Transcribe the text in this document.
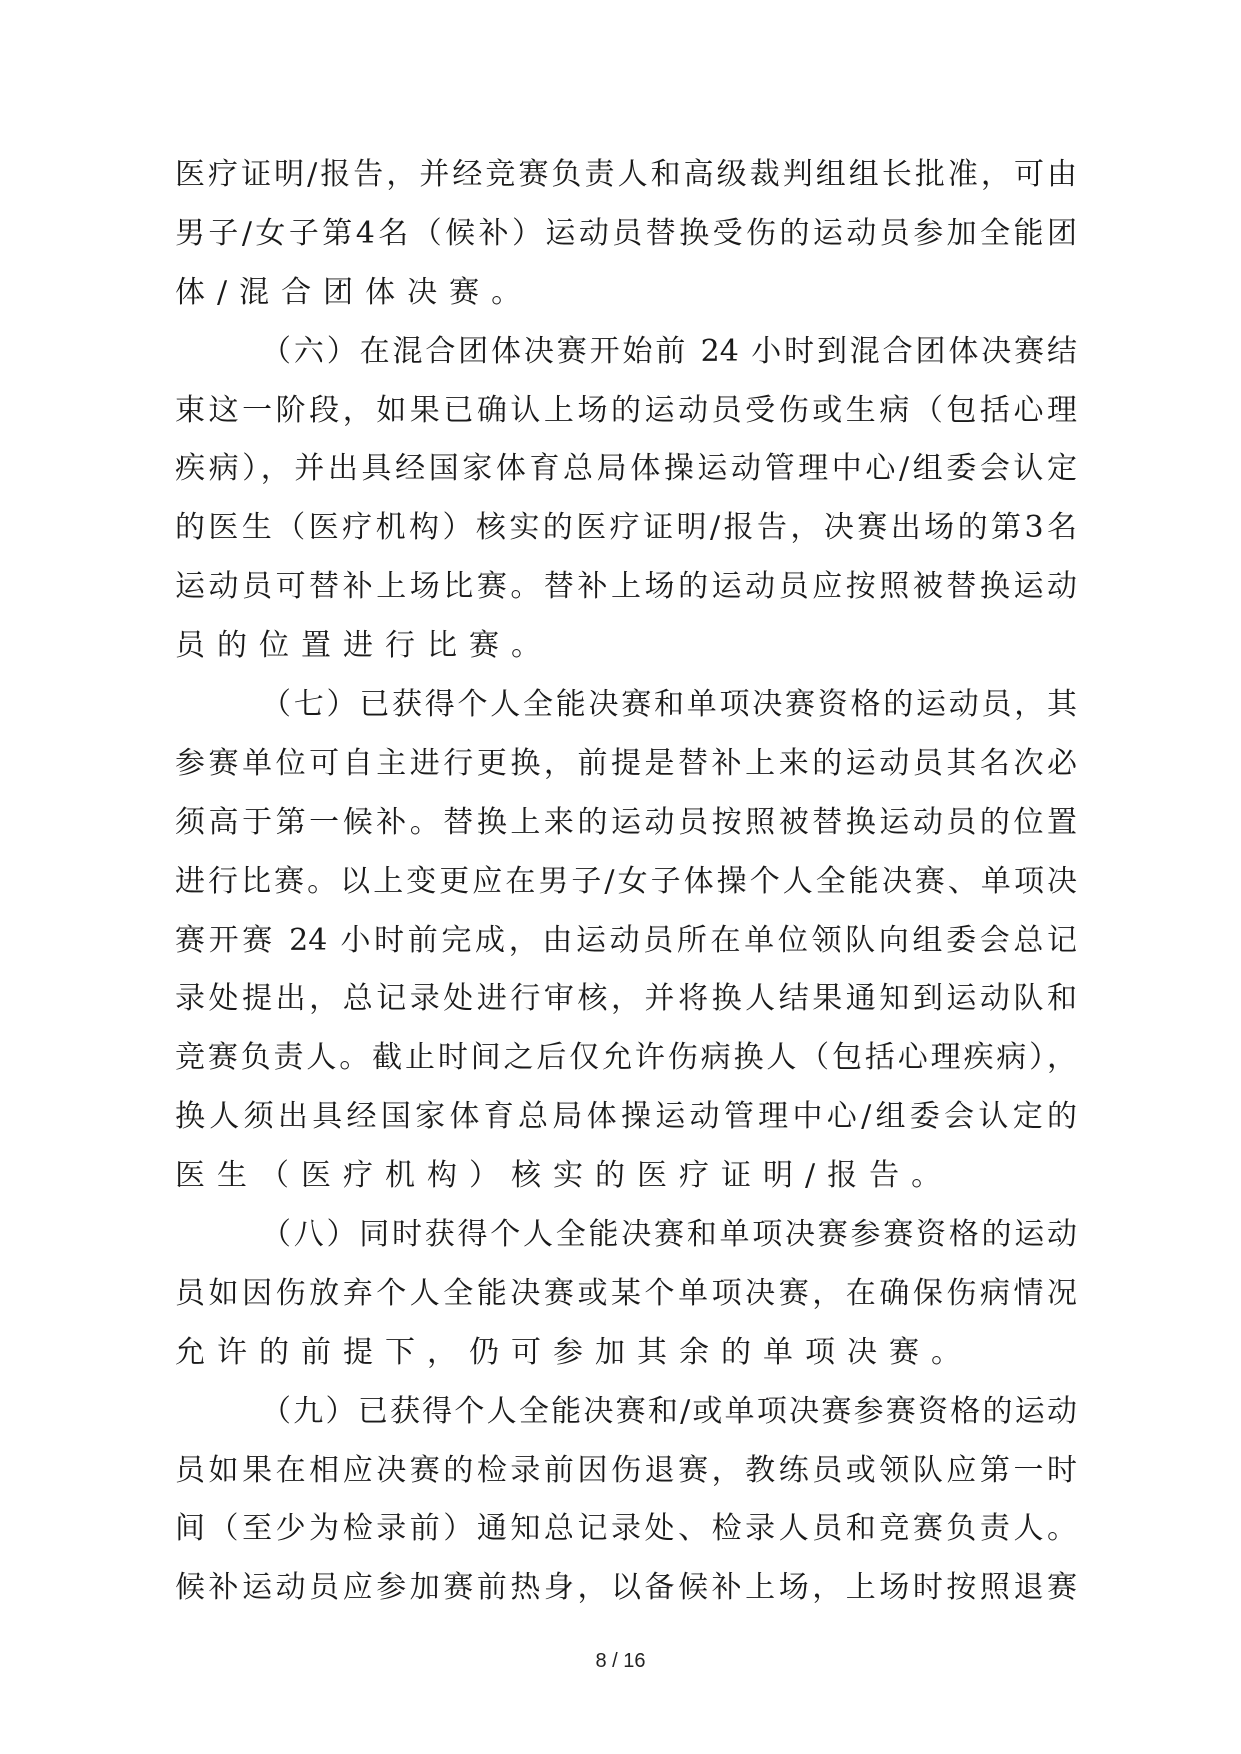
医疗证明/报告，并经竞赛负责人和高级裁判组组长批准，可由
男子/女子第4名（候补）运动员替换受伤的运动员参加全能团
体/混合团体决赛。
（六）在混合团体决赛开始前 24 小时到混合团体决赛结
束这一阶段，如果已确认上场的运动员受伤或生病（包括心理
疾病），并出具经国家体育总局体操运动管理中心/组委会认定
的医生（医疗机构）核实的医疗证明/报告，决赛出场的第3名
运动员可替补上场比赛。替补上场的运动员应按照被替换运动
员的位置进行比赛。
（七）已获得个人全能决赛和单项决赛资格的运动员，其
参赛单位可自主进行更换，前提是替补上来的运动员其名次必
须高于第一候补。替换上来的运动员按照被替换运动员的位置
进行比赛。以上变更应在男子/女子体操个人全能决赛、单项决
赛开赛 24 小时前完成，由运动员所在单位领队向组委会总记
录处提出，总记录处进行审核，并将换人结果通知到运动队和
竞赛负责人。截止时间之后仅允许伤病换人（包括心理疾病），
换人须出具经国家体育总局体操运动管理中心/组委会认定的
医生（医疗机构）核实的医疗证明/报告。
（八）同时获得个人全能决赛和单项决赛参赛资格的运动
员如因伤放弃个人全能决赛或某个单项决赛，在确保伤病情况
允许的前提下，仍可参加其余的单项决赛。
（九）已获得个人全能决赛和/或单项决赛参赛资格的运动
员如果在相应决赛的检录前因伤退赛，教练员或领队应第一时
间（至少为检录前）通知总记录处、检录人员和竞赛负责人。
候补运动员应参加赛前热身，以备候补上场，上场时按照退赛
8 / 16
